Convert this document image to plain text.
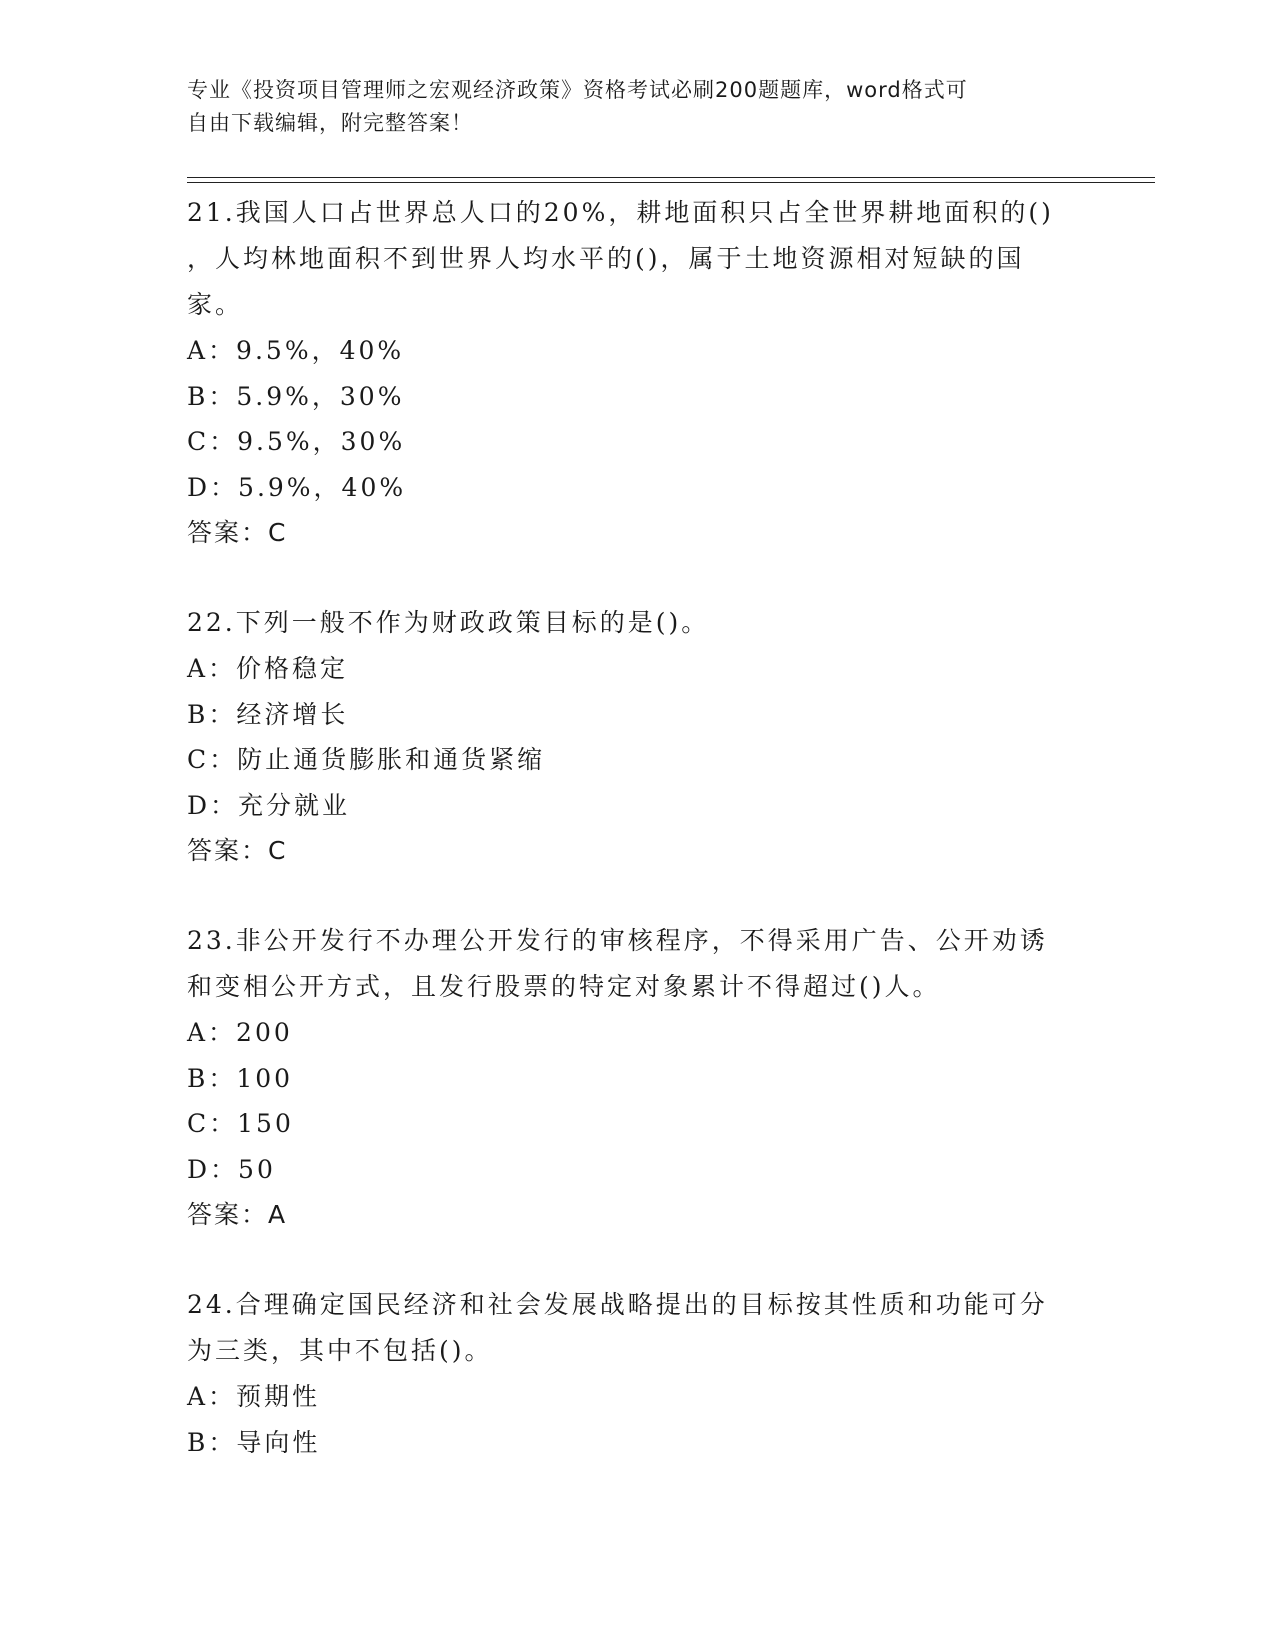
专业《投资项目管理师之宏观经济政策》资格考试必刷200题题库，word格式可
自由下载编辑，附完整答案！

21.我国人口占世界总人口的20%，耕地面积只占全世界耕地面积的()

，人均林地面积不到世界人均水平的()，属于土地资源相对短缺的国

家。

A：9.5%，40%

B：5.9%，30%

C：9.5%，30%

D：5.9%，40%

答案：C

22.下列一般不作为财政政策目标的是()。

A：价格稳定

B：经济增长

C：防止通货膨胀和通货紧缩

D：充分就业

答案：C

23.非公开发行不办理公开发行的审核程序，不得采用广告、公开劝诱

和变相公开方式，且发行股票的特定对象累计不得超过()人。

A：200

B：100

C：150

D：50

答案：A

24.合理确定国民经济和社会发展战略提出的目标按其性质和功能可分

为三类，其中不包括()。

A：预期性

B：导向性
